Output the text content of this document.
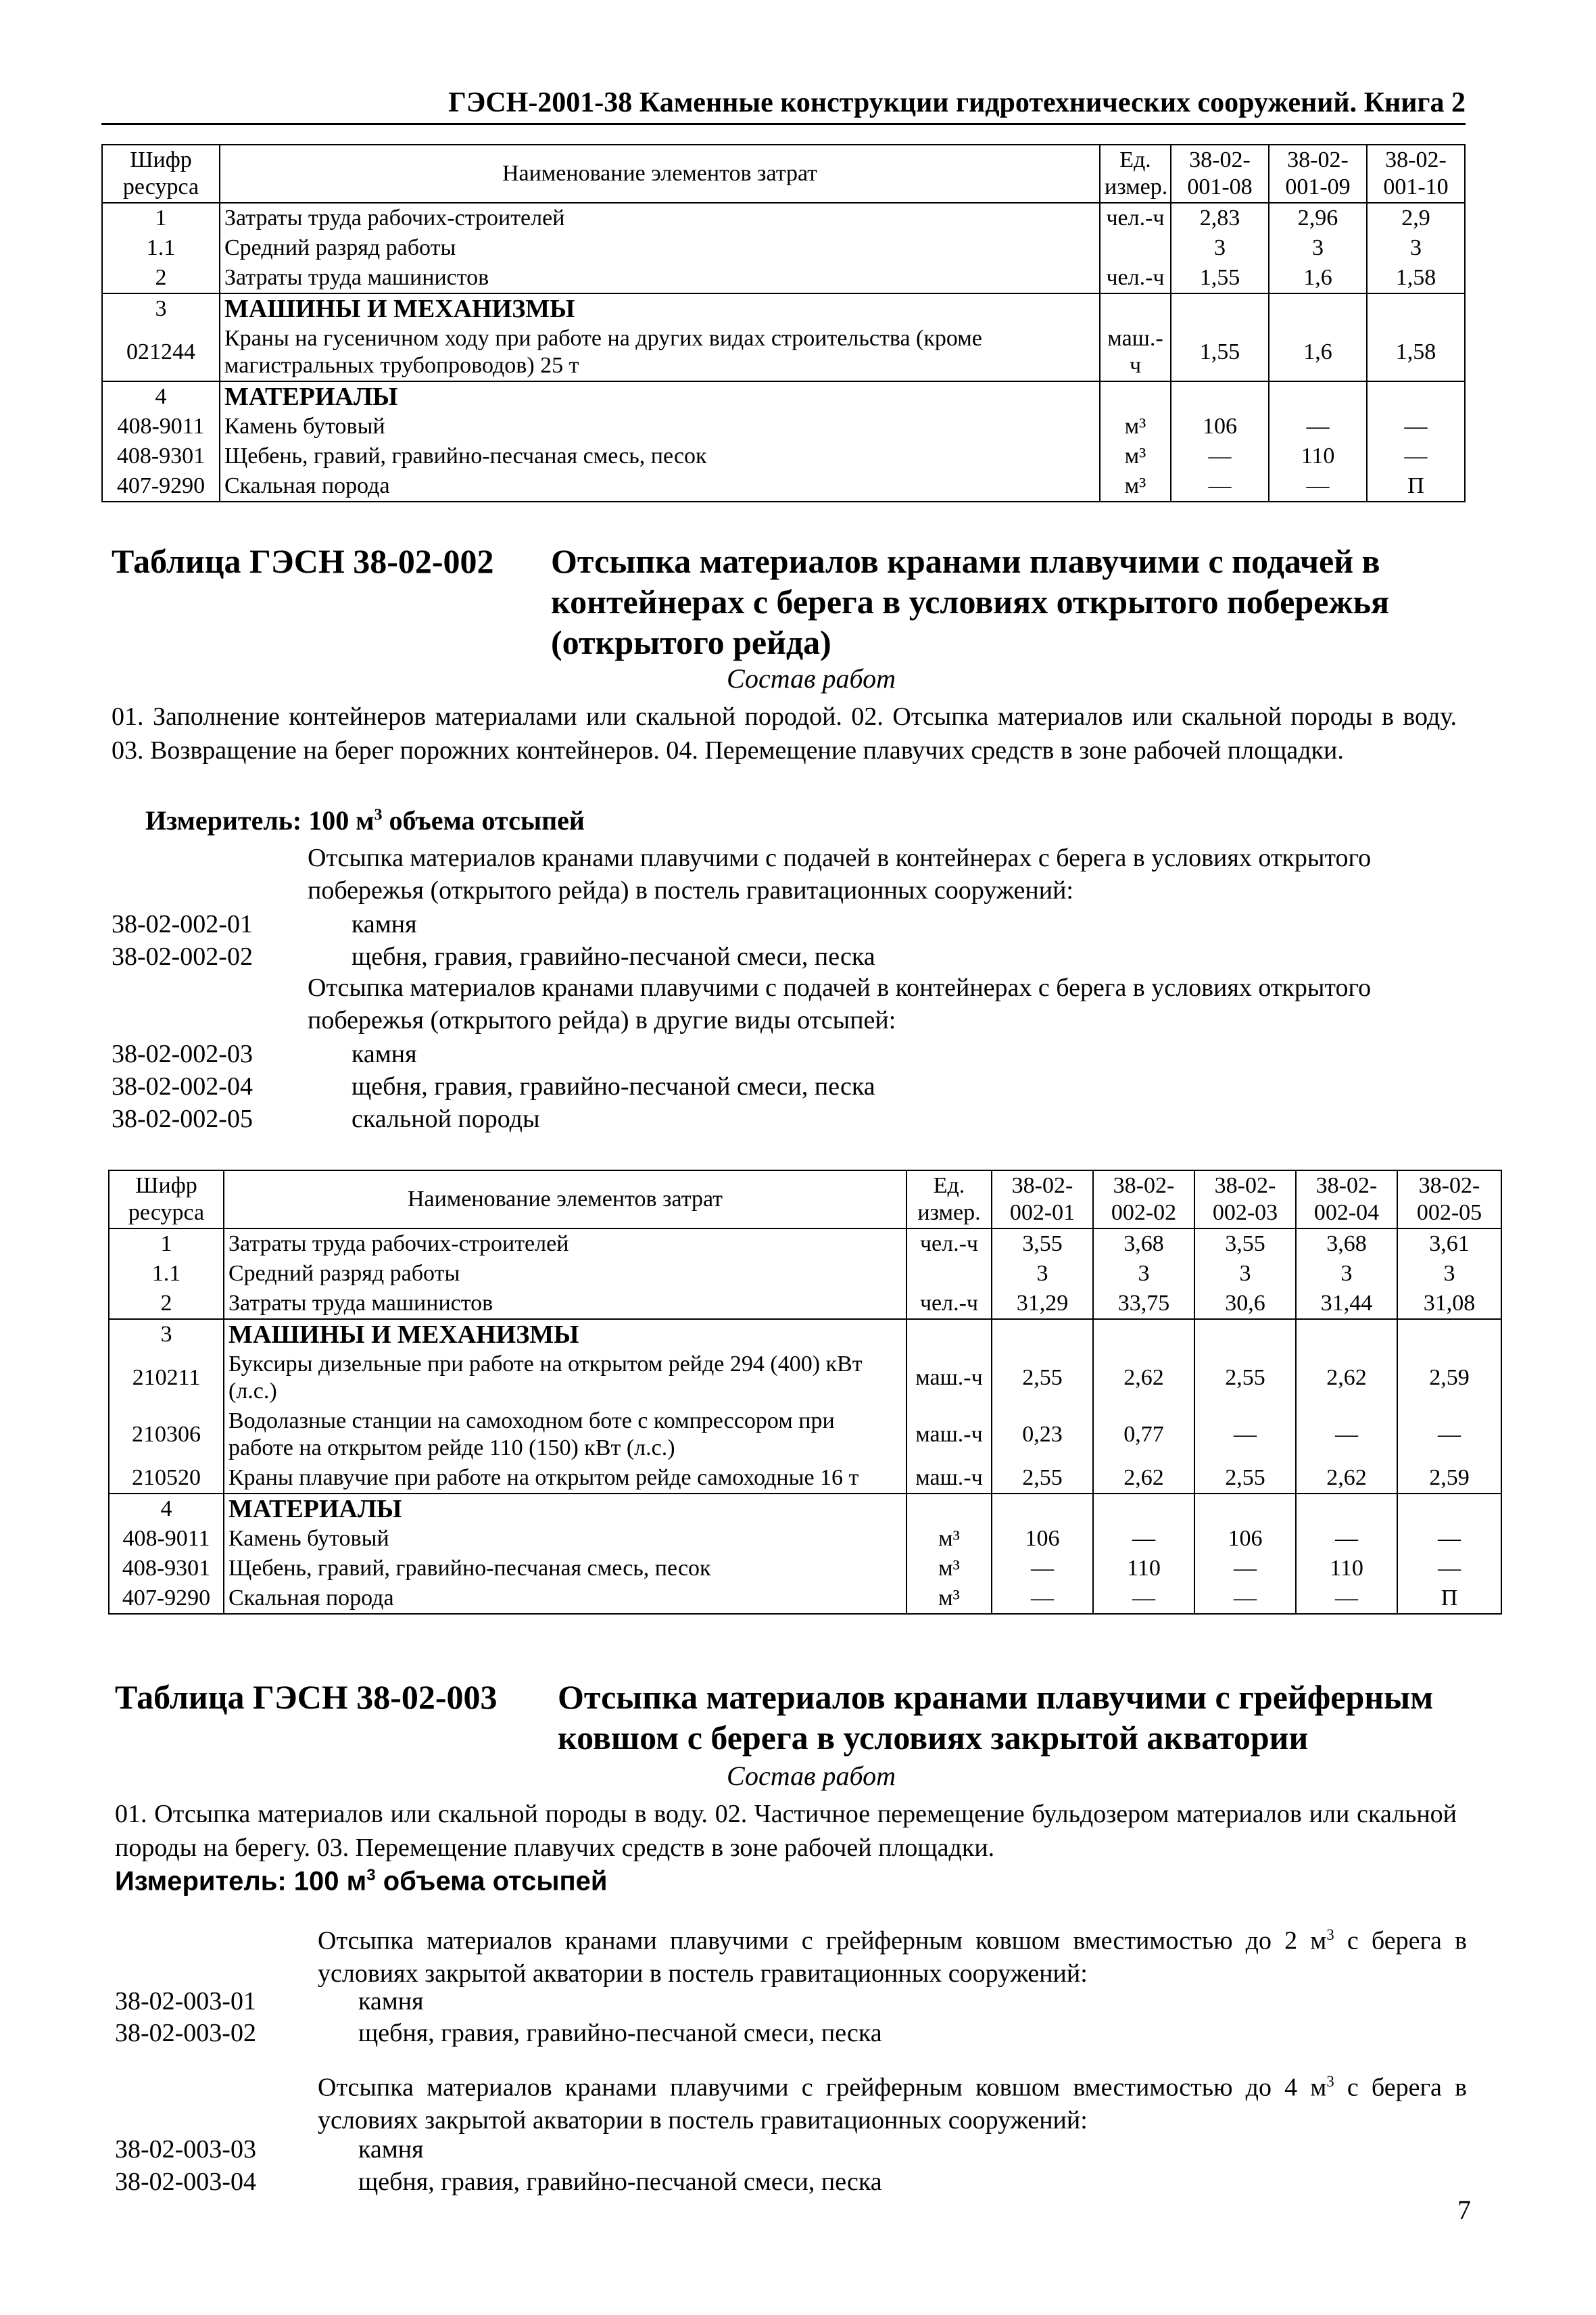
ГЭСН-2001-38 Каменные конструкции гидротехнических сооружений. Книга 2
Шифр ресурса	Наименование элементов затрат	Ед. измер.	38-02-001-08	38-02-001-09	38-02-001-10
1	Затраты труда рабочих-строителей	чел.-ч	2,83	2,96	2,9
1.1	Средний разряд работы		3	3	3
2	Затраты труда машинистов	чел.-ч	1,55	1,6	1,58
3	МАШИНЫ И МЕХАНИЗМЫ				
021244	Краны на гусеничном ходу при работе на других видах строительства (кроме магистральных трубопроводов) 25 т	маш.-ч	1,55	1,6	1,58
4	МАТЕРИАЛЫ				
408-9011	Камень бутовый	м³	106	—	—
408-9301	Щебень, гравий, гравийно-песчаная смесь, песок	м³	—	110	—
407-9290	Скальная порода	м³	—	—	П
Таблица ГЭСН 38-02-002 Отсыпка материалов кранами плавучими с подачей в
контейнерах с берега в условиях открытого побережья
(открытого рейда)
Состав работ
01. Заполнение контейнеров материалами или скальной породой. 02. Отсыпка материалов или скальной породы в воду. 03. Возвращение на берег порожних контейнеров. 04. Перемещение плавучих средств в зоне рабочей площадки.
Измеритель: 100 $м^3$ объема отсыпей
Отсыпка материалов кранами плавучими с подачей в контейнерах с берега в условиях открытого побережья (открытого рейда) в постель гравитационных сооружений:
38-02-002-01	камня
38-02-002-02	щебня, гравия, гравийно-песчаной смеси, песка
Отсыпка материалов кранами плавучими с подачей в контейнерах с берега в условиях открытого побережья (открытого рейда) в другие виды отсыпей:
38-02-002-03	камня
38-02-002-04	щебня, гравия, гравийно-песчаной смеси, песка
38-02-002-05	скальной породы
Шифр ресурса	Наименование элементов затрат	Ед. измер.	38-02-002-01	38-02-002-02	38-02-002-03	38-02-002-04	38-02-002-05
1	Затраты труда рабочих-строителей	чел.-ч	3,55	3,68	3,55	3,68	3,61
1.1	Средний разряд работы		3	3	3	3	3
2	Затраты труда машинистов	чел.-ч	31,29	33,75	30,6	31,44	31,08
3	МАШИНЫ И МЕХАНИЗМЫ						
210211	Буксиры дизельные при работе на открытом рейде 294 (400) кВт (л.с.)	маш.-ч	2,55	2,62	2,55	2,62	2,59
210306	Водолазные станции на самоходном боте с компрессором при работе на открытом рейде 110 (150) кВт (л.с.)	маш.-ч	0,23	0,77	—	—	—
210520	Краны плавучие при работе на открытом рейде самоходные 16 т	маш.-ч	2,55	2,62	2,55	2,62	2,59
4	МАТЕРИАЛЫ						
408-9011	Камень бутовый	м³	106	—	106	—	—
408-9301	Щебень, гравий, гравийно-песчаная смесь, песок	м³	—	110	—	110	—
407-9290	Скальная порода	м³	—	—	—	—	П
Таблица ГЭСН 38-02-003 Отсыпка материалов кранами плавучими с грейферным
ковшом с берега в условиях закрытой акватории
Состав работ
01. Отсыпка материалов или скальной породы в воду. 02. Частичное перемещение бульдозером материалов или скальной породы на берегу. 03. Перемещение плавучих средств в зоне рабочей площадки.
Измеритель: 100 $м^3$ объема отсыпей
Отсыпка материалов кранами плавучими с грейферным ковшом вместимостью до 2 $м^3$ с берега в условиях закрытой акватории в постель гравитационных сооружений:
38-02-003-01	камня
38-02-003-02	щебня, гравия, гравийно-песчаной смеси, песка
Отсыпка материалов кранами плавучими с грейферным ковшом вместимостью до 4 $м^3$ с берега в условиях закрытой акватории в постель гравитационных сооружений:
38-02-003-03	камня
38-02-003-04	щебня, гравия, гравийно-песчаной смеси, песка
7
